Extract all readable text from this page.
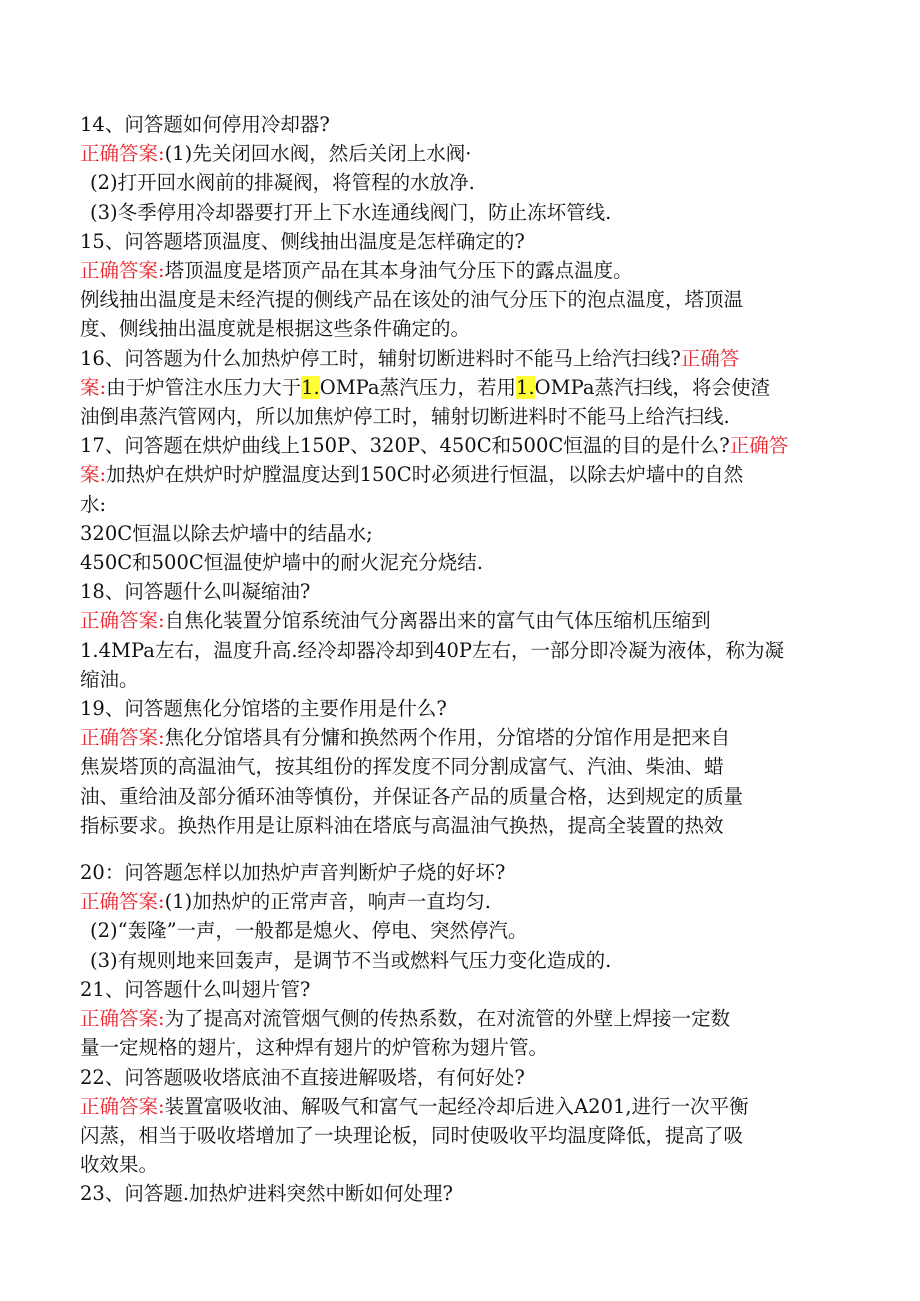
14、问答题如何停用冷却器?
正确答案:(1)先关闭回水阀，然后关闭上水阀·
(2)打开回水阀前的排凝阀，将管程的水放净.
(3)冬季停用冷却器要打开上下水连通线阀门，防止冻坏管线.
15、问答题塔顶温度、侧线抽出温度是怎样确定的?
正确答案:塔顶温度是塔顶产品在其本身油气分压下的露点温度。
例线抽出温度是未经汽提的侧线产品在该处的油气分压下的泡点温度，塔顶温
度、侧线抽出温度就是根据这些条件确定的。
16、问答题为什么加热炉停工时，辅射切断进料时不能马上给汽扫线?正确答
案:由于炉管注水压力大于1.OMPa蒸汽压力，若用1.OMPa蒸汽扫线，将会使渣
油倒串蒸汽管网内，所以加焦炉停工时，辅射切断进料时不能马上给汽扫线.
17、问答题在烘炉曲线上150P、320P、450C和500C恒温的目的是什么?正确答
案:加热炉在烘炉时炉膛温度达到150C时必须进行恒温，以除去炉墙中的自然
水:
320C恒温以除去炉墙中的结晶水;
450C和500C恒温使炉墙中的耐火泥充分烧结.
18、问答题什么叫凝缩油?
正确答案:自焦化装置分馆系统油气分离器出来的富气由气体压缩机压缩到
1.4MPa左右，温度升高.经冷却器冷却到40P左右，一部分即冷凝为液体，称为凝
缩油。
19、问答题焦化分馆塔的主要作用是什么?
正确答案:焦化分馆塔具有分慵和换然两个作用，分馆塔的分馆作用是把来自
焦炭塔顶的高温油气，按其组份的挥发度不同分割成富气、汽油、柴油、蜡
油、重给油及部分循环油等慎份，并保证各产品的质量合格，达到规定的质量
指标要求。换热作用是让原料油在塔底与高温油气换热，提高全装置的热效
20：问答题怎样以加热炉声音判断炉子烧的好坏?
正确答案:(1)加热炉的正常声音，响声一直均匀.
(2)“轰隆”一声，一般都是熄火、停电、突然停汽。
(3)有规则地来回轰声，是调节不当或燃料气压力变化造成的.
21、问答题什么叫翅片管?
正确答案:为了提高对流管烟气侧的传热系数，在对流管的外壁上焊接一定数
量一定规格的翅片，这种焊有翅片的炉管称为翅片管。
22、问答题吸收塔底油不直接进解吸塔，有何好处?
正确答案:装置富吸收油、解吸气和富气一起经冷却后进入A201,进行一次平衡
闪蒸，相当于吸收塔增加了一块理论板，同时使吸收平均温度降低，提高了吸
收效果。
23、问答题.加热炉进料突然中断如何处理?
